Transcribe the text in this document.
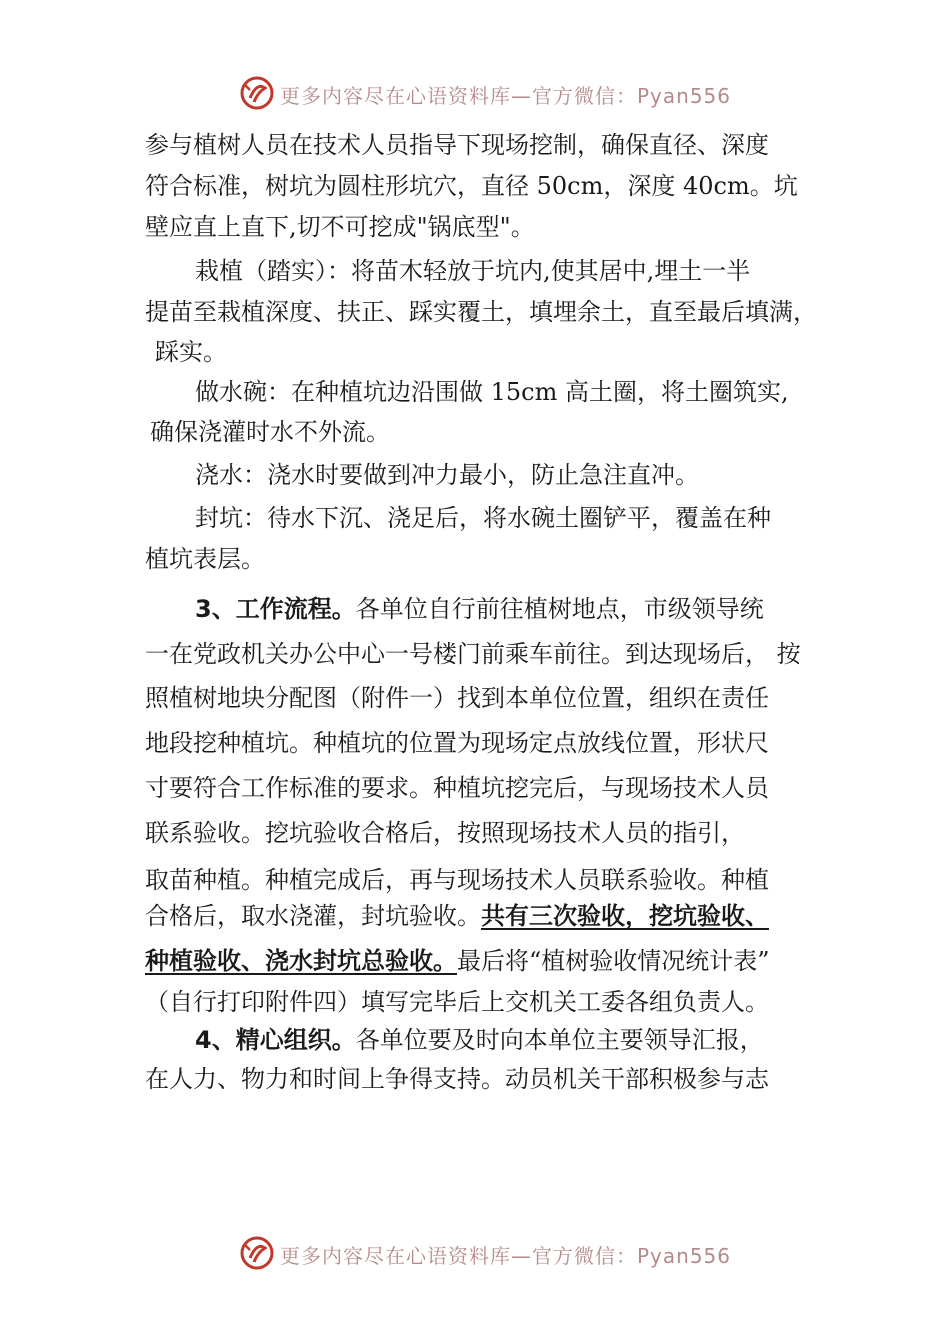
更多内容尽在心语资料库—官方微信：Pyan556
参与植树人员在技术人员指导下现场挖制，确保直径、深度
符合标准，树坑为圆柱形坑穴，直径 50cm，深度 40cm。坑
壁应直上直下,切不可挖成"锅底型"。
栽植（踏实）：将苗木轻放于坑内,使其居中,埋土一半
提苗至栽植深度、扶正、踩实覆土，填埋余土，直至最后填满，
踩实。
做水碗：在种植坑边沿围做 15cm 高土圈，将土圈筑实,
确保浇灌时水不外流。
浇水：浇水时要做到冲力最小，防止急注直冲。
封坑：待水下沉、浇足后，将水碗土圈铲平，覆盖在种
植坑表层。
3、工作流程。各单位自行前往植树地点，市级领导统
一在党政机关办公中心一号楼门前乘车前往。到达现场后， 按
照植树地块分配图（附件一）找到本单位位置，组织在责任
地段挖种植坑。种植坑的位置为现场定点放线位置，形状尺
寸要符合工作标准的要求。种植坑挖完后，与现场技术人员
联系验收。挖坑验收合格后，按照现场技术人员的指引，
取苗种植。种植完成后，再与现场技术人员联系验收。种植
合格后，取水浇灌，封坑验收。共有三次验收，挖坑验收、
种植验收、浇水封坑总验收。最后将“植树验收情况统计表”
（自行打印附件四）填写完毕后上交机关工委各组负责人。
4、精心组织。各单位要及时向本单位主要领导汇报，
在人力、物力和时间上争得支持。动员机关干部积极参与志
更多内容尽在心语资料库—官方微信：Pyan556
